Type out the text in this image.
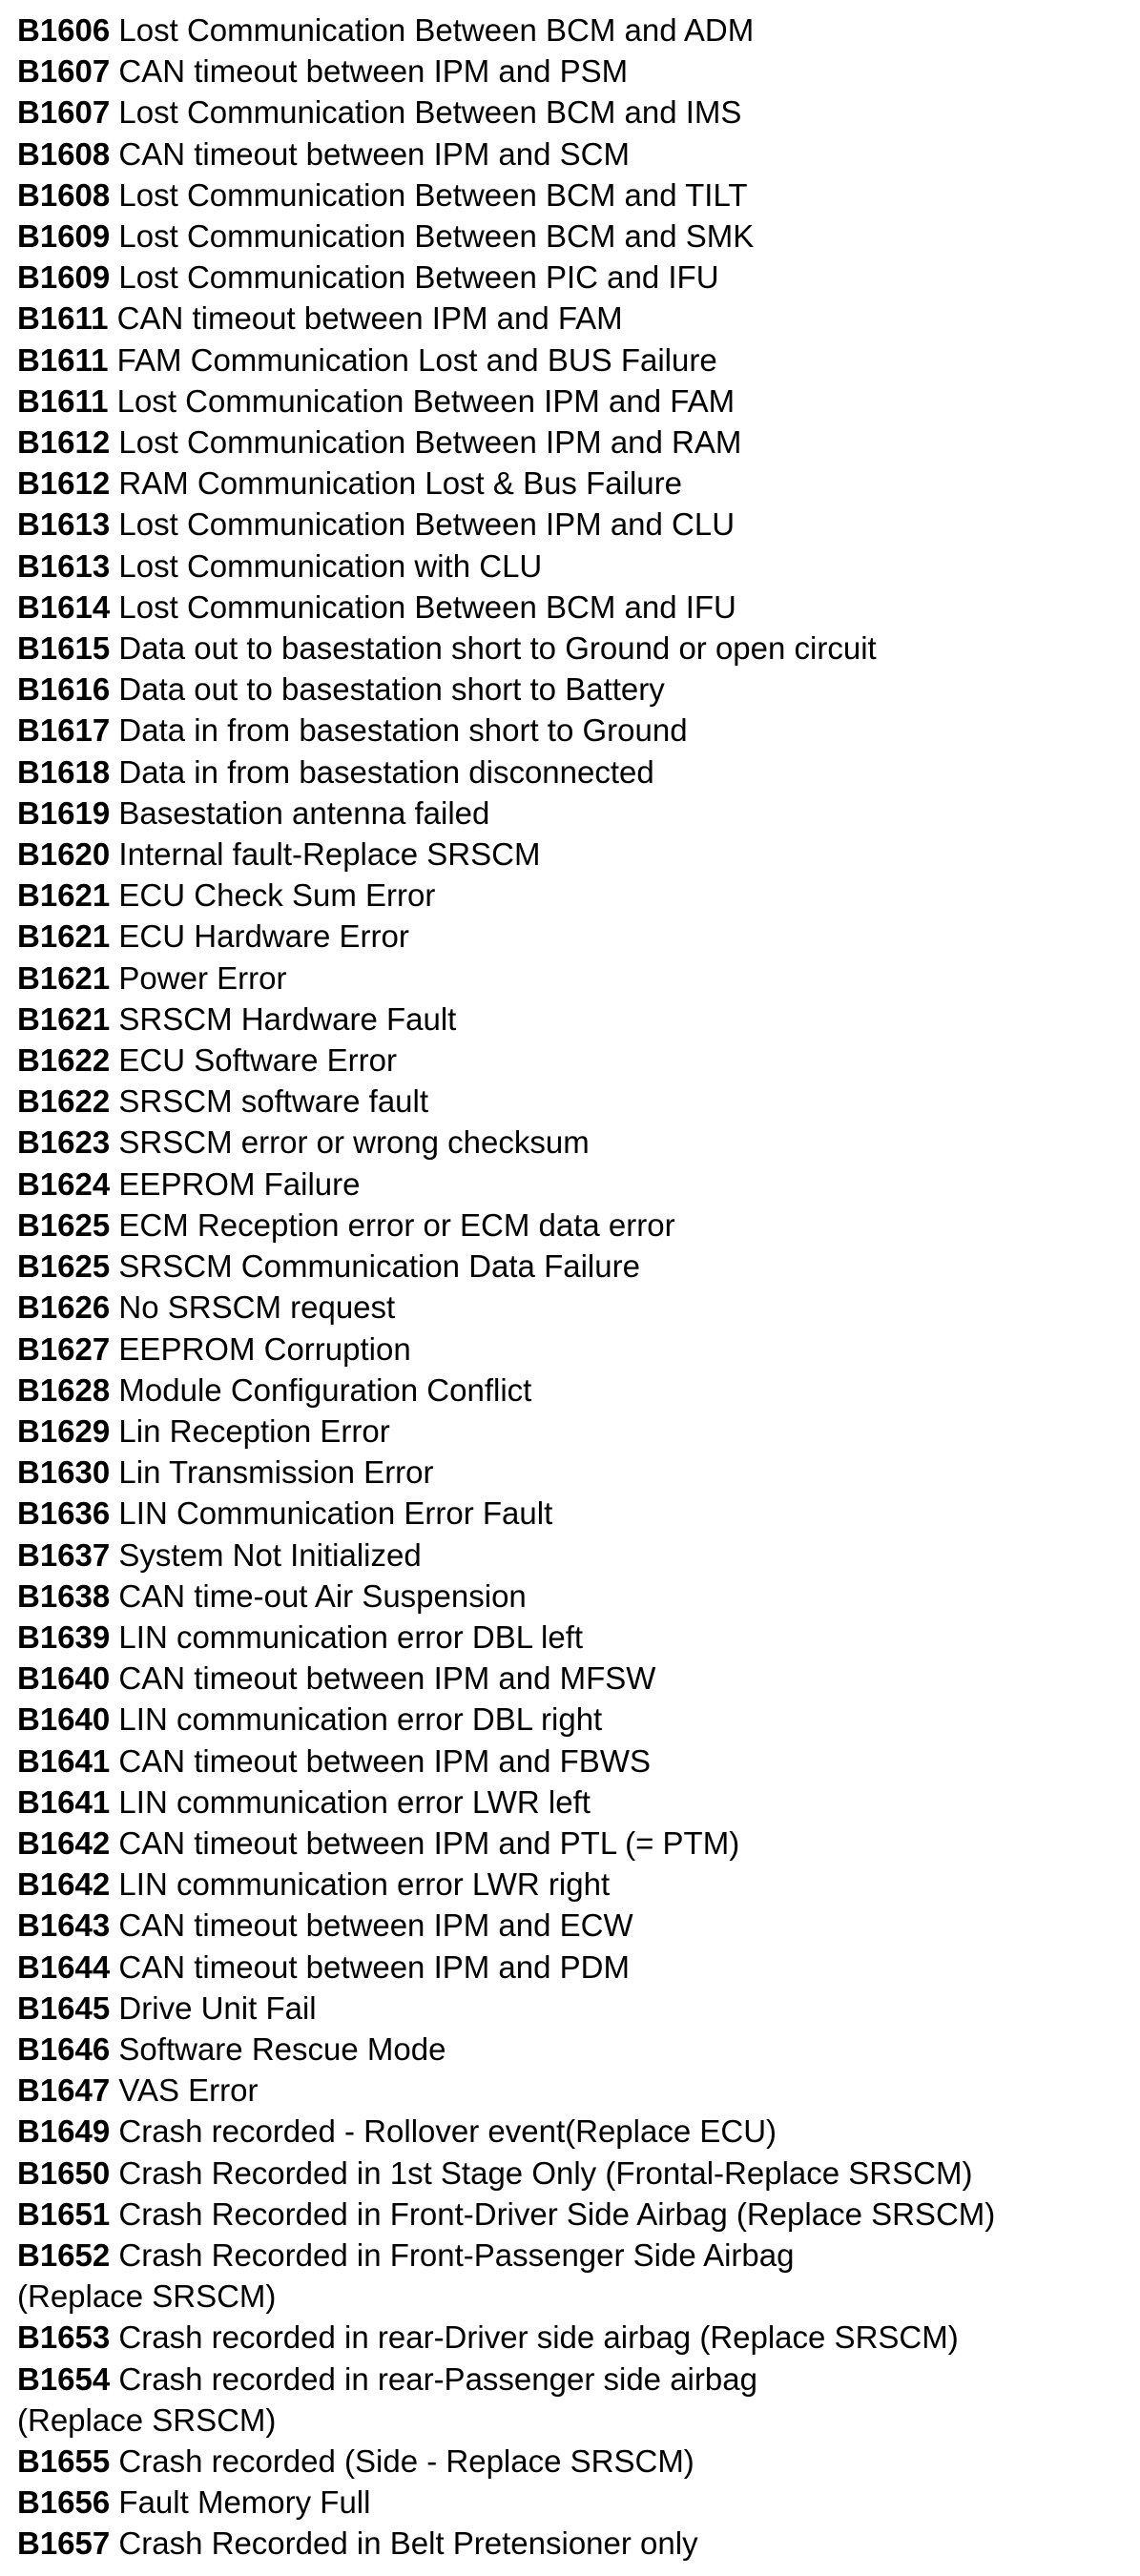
B1606 Lost Communication Between BCM and ADM
B1607 CAN timeout between IPM and PSM
B1607 Lost Communication Between BCM and IMS
B1608 CAN timeout between IPM and SCM
B1608 Lost Communication Between BCM and TILT
B1609 Lost Communication Between BCM and SMK
B1609 Lost Communication Between PIC and IFU
B1611 CAN timeout between IPM and FAM
B1611 FAM Communication Lost and BUS Failure
B1611 Lost Communication Between IPM and FAM
B1612 Lost Communication Between IPM and RAM
B1612 RAM Communication Lost & Bus Failure
B1613 Lost Communication Between IPM and CLU
B1613 Lost Communication with CLU
B1614 Lost Communication Between BCM and IFU
B1615 Data out to basestation short to Ground or open circuit
B1616 Data out to basestation short to Battery
B1617 Data in from basestation short to Ground
B1618 Data in from basestation disconnected
B1619 Basestation antenna failed
B1620 Internal fault-Replace SRSCM
B1621 ECU Check Sum Error
B1621 ECU Hardware Error
B1621 Power Error
B1621 SRSCM Hardware Fault
B1622 ECU Software Error
B1622 SRSCM software fault
B1623 SRSCM error or wrong checksum
B1624 EEPROM Failure
B1625 ECM Reception error or ECM data error
B1625 SRSCM Communication Data Failure
B1626 No SRSCM request
B1627 EEPROM Corruption
B1628 Module Configuration Conflict
B1629 Lin Reception Error
B1630 Lin Transmission Error
B1636 LIN Communication Error Fault
B1637 System Not Initialized
B1638 CAN time-out Air Suspension
B1639 LIN communication error DBL left
B1640 CAN timeout between IPM and MFSW
B1640 LIN communication error DBL right
B1641 CAN timeout between IPM and FBWS
B1641 LIN communication error LWR left
B1642 CAN timeout between IPM and PTL (= PTM)
B1642 LIN communication error LWR right
B1643 CAN timeout between IPM and ECW
B1644 CAN timeout between IPM and PDM
B1645 Drive Unit Fail
B1646 Software Rescue Mode
B1647 VAS Error
B1649 Crash recorded - Rollover event(Replace ECU)
B1650 Crash Recorded in 1st Stage Only (Frontal-Replace SRSCM)
B1651 Crash Recorded in Front-Driver Side Airbag (Replace SRSCM)
B1652 Crash Recorded in Front-Passenger Side Airbag
(Replace SRSCM)
B1653 Crash recorded in rear-Driver side airbag (Replace SRSCM)
B1654 Crash recorded in rear-Passenger side airbag
(Replace SRSCM)
B1655 Crash recorded (Side - Replace SRSCM)
B1656 Fault Memory Full
B1657 Crash Recorded in Belt Pretensioner only
